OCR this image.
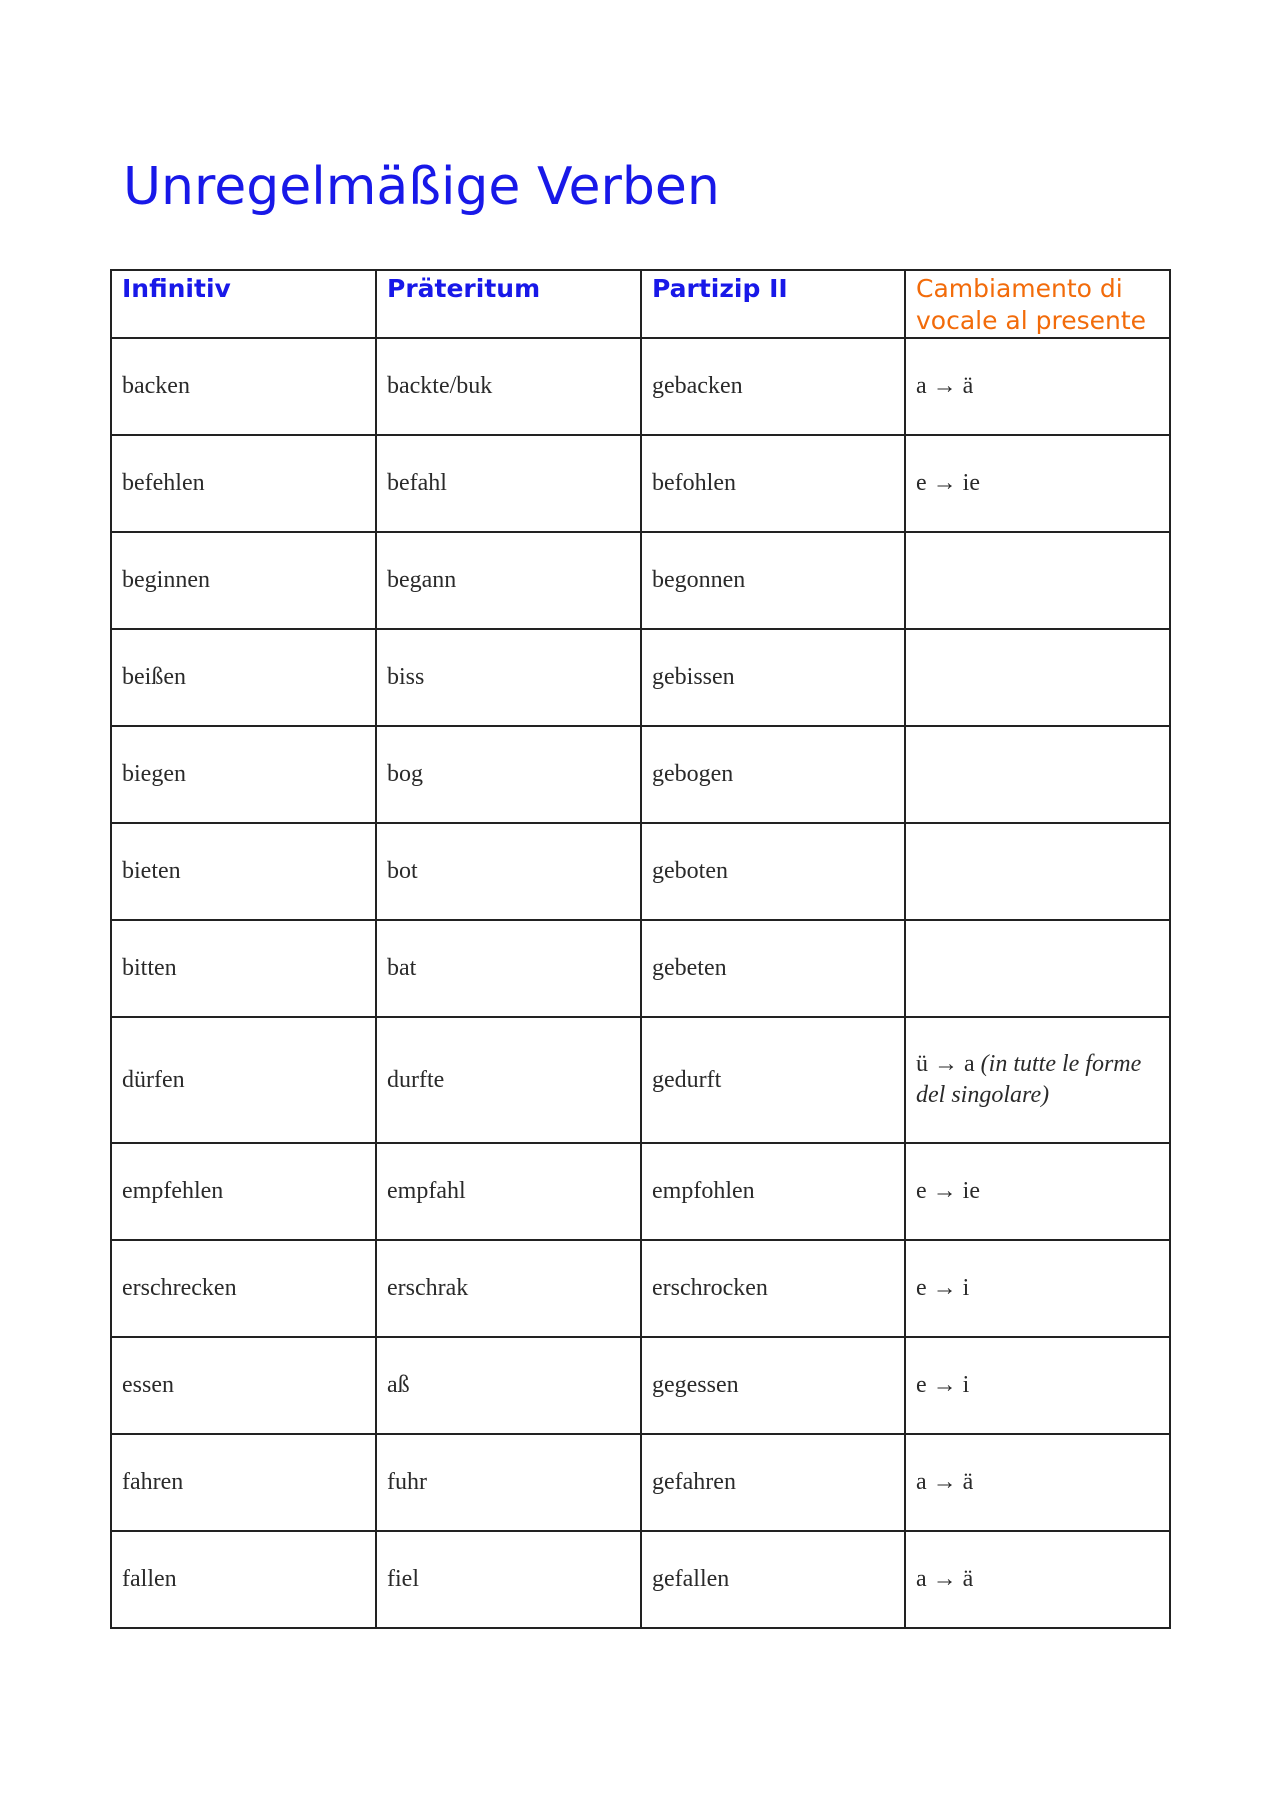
Unregelmäßige Verben
Infinitiv	Präteritum	Partizip II	Cambiamento di vocale al presente
backen	backte/buk	gebacken	a → ä
befehlen	befahl	befohlen	e → ie
beginnen	begann	begonnen	
beißen	biss	gebissen	
biegen	bog	gebogen	
bieten	bot	geboten	
bitten	bat	gebeten	
dürfen	durfte	gedurft	ü → a (in tutte le forme del singolare)
empfehlen	empfahl	empfohlen	e → ie
erschrecken	erschrak	erschrocken	e → i
essen	aß	gegessen	e → i
fahren	fuhr	gefahren	a → ä
fallen	fiel	gefallen	a → ä
